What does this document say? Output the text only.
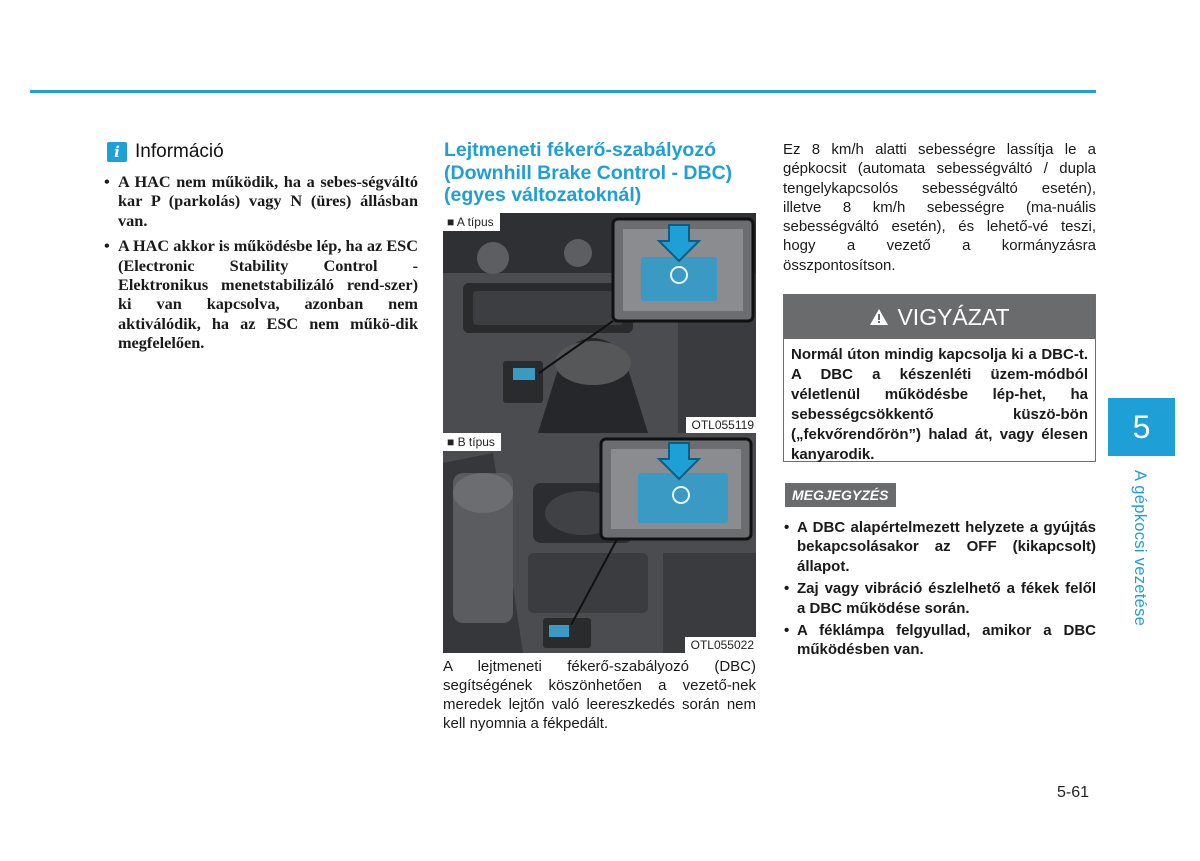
i Információ
• A HAC nem működik, ha a sebes-ségváltó kar P (parkolás) vagy N (üres) állásban van.
• A HAC akkor is működésbe lép, ha az ESC (Electronic Stability Control - Elektronikus menetstabilizáló rend-szer) ki van kapcsolva, azonban nem aktiválódik, ha az ESC nem műkö-dik megfelelően.
Lejtmeneti fékerő-szabályozó (Downhill Brake Control - DBC) (egyes változatoknál)
■ A típus
OTL055119
■ B típus
OTL055022

A lejtmeneti fékerő-szabályozó (DBC) segítségének köszönhetően a vezető-nek meredek lejtőn való leereszkedés során nem kell nyomnia a fékpedált.

Ez 8 km/h alatti sebességre lassítja le a gépkocsit (automata sebességváltó / dupla tengelykapcsolós sebességváltó esetén), illetve 8 km/h sebességre (ma-nuális sebességváltó esetén), és lehető-vé teszi, hogy a vezető a kormányzásra összpontosítson.

VIGYÁZAT

Normál úton mindig kapcsolja ki a DBC-t. A DBC a készenléti üzem-módból véletlenül működésbe lép-het, ha sebességcsökkentő küszö-bön („fekvőrendőrön”) halad át, vagy élesen kanyarodik.

MEGJEGYZÉS
• A DBC alapértelmezett helyzete a gyújtás bekapcsolásakor az OFF (kikapcsolt) állapot.
• Zaj vagy vibráció észlelhető a fékek felől a DBC működése során.
• A féklámpa felgyullad, amikor a DBC működésben van.
5
A gépkocsi vezetése
5-61
